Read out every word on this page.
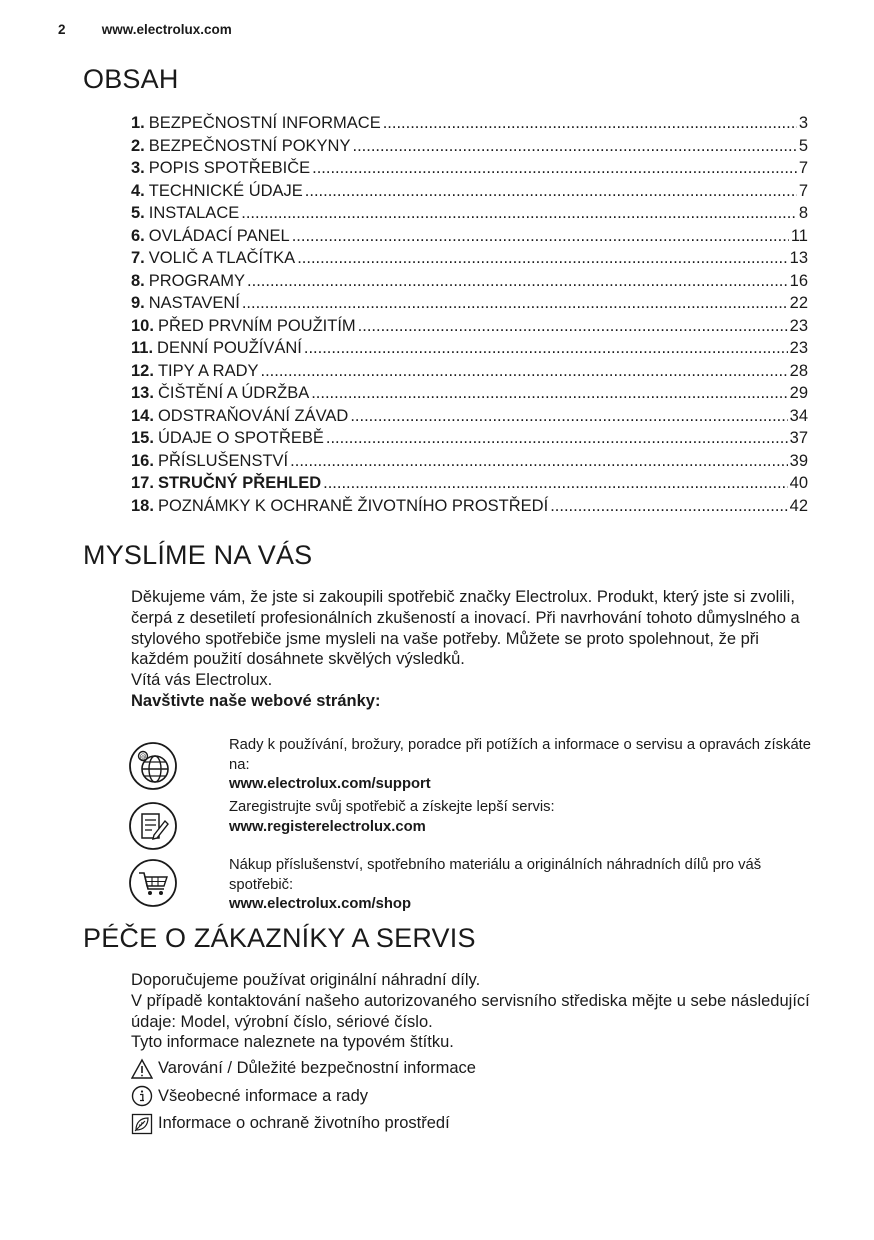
2	www.electrolux.com
OBSAH
1. BEZPEČNOSTNÍ INFORMACE .....	3
2. BEZPEČNOSTNÍ POKYNY .....	5
3. POPIS SPOTŘEBIČE .....	7
4. TECHNICKÉ ÚDAJE .....	7
5. INSTALACE .....	8
6. OVLÁDACÍ PANEL .....	11
7. VOLIČ A TLAČÍTKA .....	13
8. PROGRAMY .....	16
9. NASTAVENÍ .....	22
10. PŘED PRVNÍM POUŽITÍM .....	23
11. DENNÍ POUŽÍVÁNÍ .....	23
12. TIPY A RADY .....	28
13. ČIŠTĚNÍ A ÚDRŽBA .....	29
14. ODSTRAŇOVÁNÍ ZÁVAD .....	34
15. ÚDAJE O SPOTŘEBĚ .....	37
16. PŘÍSLUŠENSTVÍ .....	39
17. STRUČNÝ PŘEHLED .....	40
18. POZNÁMKY K OCHRANĚ ŽIVOTNÍHO PROSTŘEDÍ .....	42
MYSLÍME NA VÁS

Děkujeme vám, že jste si zakoupili spotřebič značky Electrolux. Produkt, který jste si zvolili, čerpá z desetiletí profesionálních zkušeností a inovací. Při navrhování tohoto důmyslného a stylového spotřebiče jsme mysleli na vaše potřeby. Můžete se proto spolehnout, že při každém použití dosáhnete skvělých výsledků.

Vítá vás Electrolux.

Navštivte naše webové stránky:

@
Rady k používání, brožury, poradce při potížích a informace o servisu a opravách získáte na:
www.electrolux.com/support
Zaregistrujte svůj spotřebič a získejte lepší servis:
www.registerelectrolux.com
Nákup příslušenství, spotřebního materiálu a originálních náhradních dílů pro váš spotřebič:
www.electrolux.com/shop
PÉČE O ZÁKAZNÍKY A SERVIS

Doporučujeme používat originální náhradní díly.

V případě kontaktování našeho autorizovaného servisního střediska mějte u sebe následující údaje: Model, výrobní číslo, sériové číslo.

Tyto informace naleznete na typovém štítku.

Varování / Důležité bezpečnostní informace
Všeobecné informace a rady
Informace o ochraně životního prostředí
